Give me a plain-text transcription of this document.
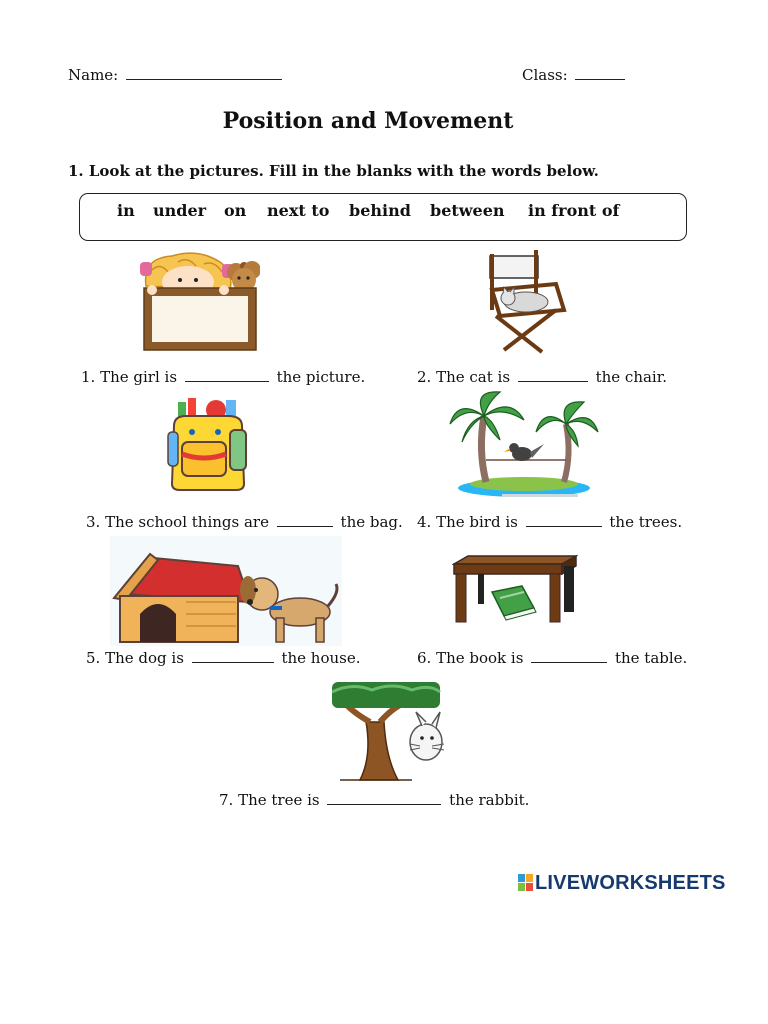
Name:	Class:
Position and Movement
1. Look at the pictures. Fill in the blanks with the words below.
in under on next to behind between in front of
1. The girl is	the picture.	2. The cat is	the chair.
3. The school things are	the bag. 4. The bird is	the trees.
5. The dog is	the house.	6. The book is	the table.
7. The tree is	the rabbit.
LIVEWORKSHEETS
